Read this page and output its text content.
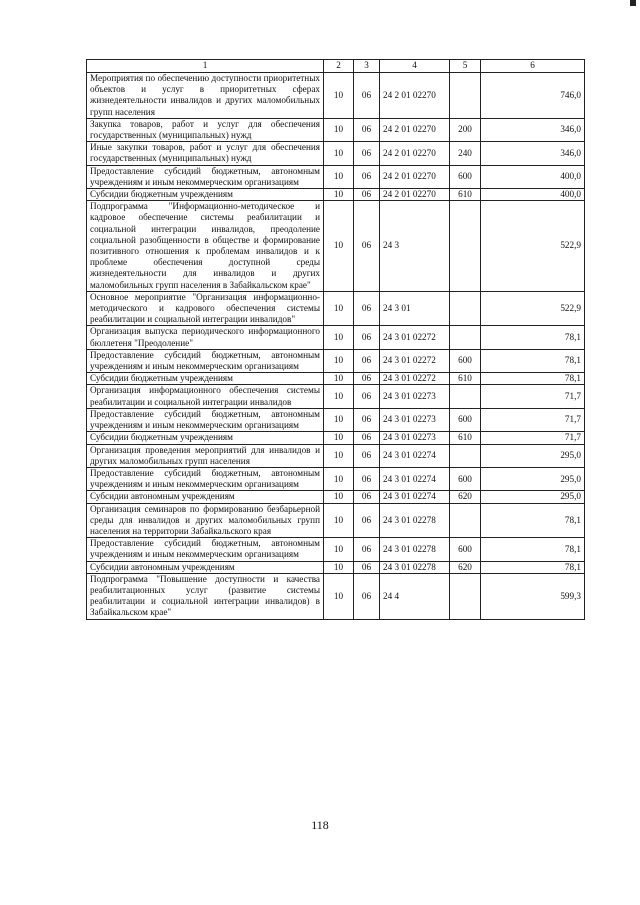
1	2	3	4	5	6
Мероприятия по обеспечению доступности приоритетных объектов и услуг в приоритетных сферах жизнедеятельности инвалидов и других маломобильных групп населения	10	06	24 2 01 02270		746,0
Закупка товаров, работ и услуг для обеспечения государственных (муниципальных) нужд	10	06	24 2 01 02270	200	346,0
Иные закупки товаров, работ и услуг для обеспечения государственных (муниципальных) нужд	10	06	24 2 01 02270	240	346,0
Предоставление субсидий бюджетным, автономным учреждениям и иным некоммерческим организациям	10	06	24 2 01 02270	600	400,0
Субсидии бюджетным учреждениям	10	06	24 2 01 02270	610	400,0
Подпрограмма "Информационно-методическое и кадровое обеспечение системы реабилитации и социальной интеграции инвалидов, преодоление социальной разобщенности в обществе и формирование позитивного отношения к проблемам инвалидов и к проблеме обеспечения доступной среды жизнедеятельности для инвалидов и других маломобильных групп населения в Забайкальском крае"	10	06	24 3		522,9
Основное мероприятие "Организация информационно-методического и кадрового обеспечения системы реабилитации и социальной интеграции инвалидов"	10	06	24 3 01		522,9
Организация выпуска периодического информационного бюллетеня "Преодоление"	10	06	24 3 01 02272		78,1
Предоставление субсидий бюджетным, автономным учреждениям и иным некоммерческим организациям	10	06	24 3 01 02272	600	78,1
Субсидии бюджетным учреждениям	10	06	24 3 01 02272	610	78,1
Организация информационного обеспечения системы реабилитации и социальной интеграции инвалидов	10	06	24 3 01 02273		71,7
Предоставление субсидий бюджетным, автономным учреждениям и иным некоммерческим организациям	10	06	24 3 01 02273	600	71,7
Субсидии бюджетным учреждениям	10	06	24 3 01 02273	610	71,7
Организация проведения мероприятий для инвалидов и других маломобильных групп населения	10	06	24 3 01 02274		295,0
Предоставление субсидий бюджетным, автономным учреждениям и иным некоммерческим организациям	10	06	24 3 01 02274	600	295,0
Субсидии автономным учреждениям	10	06	24 3 01 02274	620	295,0
Организация семинаров по формированию безбарьерной среды для инвалидов и других маломобильных групп населения на территории Забайкальского края	10	06	24 3 01 02278		78,1
Предоставление субсидий бюджетным, автономным учреждениям и иным некоммерческим организациям	10	06	24 3 01 02278	600	78,1
Субсидии автономным учреждениям	10	06	24 3 01 02278	620	78,1
Подпрограмма "Повышение доступности и качества реабилитационных услуг (развитие системы реабилитации и социальной интеграции инвалидов) в Забайкальском крае"	10	06	24 4		599,3
118
